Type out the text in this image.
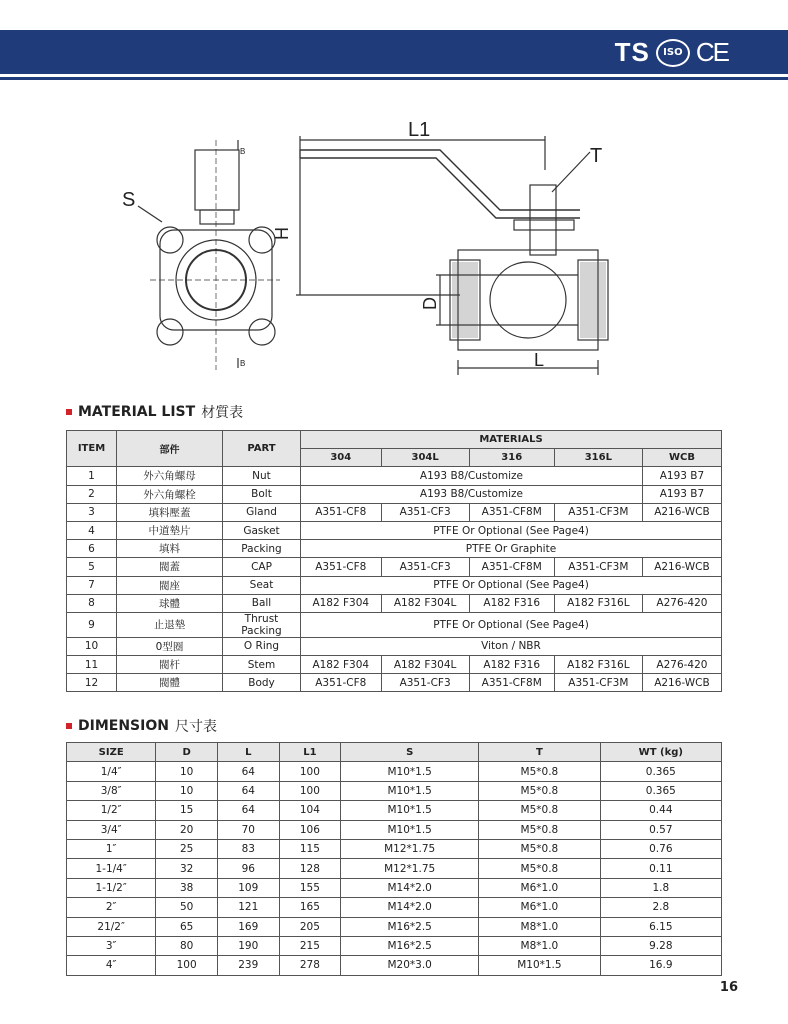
TS	ISO CE
S
B
B
L1
T
H
D
L
MATERIAL LIST 材質表
ITEM	部件	PART	MATERIALS				
			304	304L	316	316L	WCB
1	外六角螺母	Nut	A193 B8/Customize				A193 B7
2	外六角螺栓	Bolt	A193 B8/Customize				A193 B7
3	填料壓蓋	Gland	A351-CF8	A351-CF3	A351-CF8M	A351-CF3M	A216-WCB
4	中道墊片	Gasket	PTFE Or Optional (See Page4)				
6	填料	Packing	PTFE Or Graphite				
5	閥蓋	CAP	A351-CF8	A351-CF3	A351-CF8M	A351-CF3M	A216-WCB
7	閥座	Seat	PTFE Or Optional (See Page4)				
8	球體	Ball	A182 F304	A182 F304L	A182 F316	A182 F316L	A276-420
9	止退墊	Thrust Packing	PTFE Or Optional (See Page4)				
10	0型圈	O Ring	Viton / NBR				
11	閥杆	Stem	A182 F304	A182 F304L	A182 F316	A182 F316L	A276-420
12	閥體	Body	A351-CF8	A351-CF3	A351-CF8M	A351-CF3M	A216-WCB
DIMENSION 尺寸表
SIZE	D	L	L1	S	T	WT (kg)
1/4″	10	64	100	M10*1.5	M5*0.8	0.365
3/8″	10	64	100	M10*1.5	M5*0.8	0.365
1/2″	15	64	104	M10*1.5	M5*0.8	0.44
3/4″	20	70	106	M10*1.5	M5*0.8	0.57
1″	25	83	115	M12*1.75	M5*0.8	0.76
1-1/4″	32	96	128	M12*1.75	M5*0.8	0.11
1-1/2″	38	109	155	M14*2.0	M6*1.0	1.8
2″	50	121	165	M14*2.0	M6*1.0	2.8
21/2″	65	169	205	M16*2.5	M8*1.0	6.15
3″	80	190	215	M16*2.5	M8*1.0	9.28
4″	100	239	278	M20*3.0	M10*1.5	16.9
16
